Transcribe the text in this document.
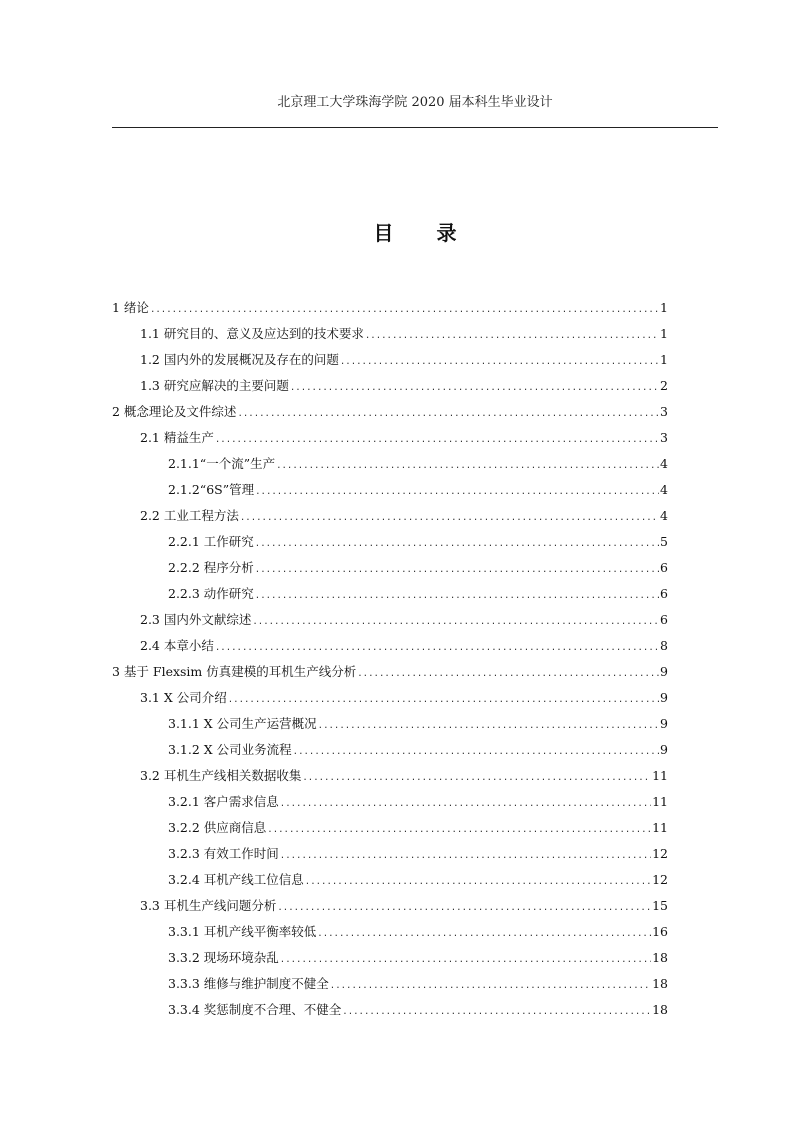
北京理工大学珠海学院 2020 届本科生毕业设计
目 录
1 绪论 .....	1
1.1 研究目的、意义及应达到的技术要求 .....	1
1.2 国内外的发展概况及存在的问题 .....	1
1.3 研究应解决的主要问题 .....	2
2 概念理论及文件综述 .....	3
2.1 精益生产 .....	3
2.1.1“一个流”生产 .....	4
2.1.2“6S”管理 .....	4
2.2 工业工程方法 .....	4
2.2.1 工作研究 .....	5
2.2.2 程序分析 .....	6
2.2.3 动作研究 .....	6
2.3 国内外文献综述 .....	6
2.4 本章小结 .....	8
3 基于 Flexsim 仿真建模的耳机生产线分析 .....	9
3.1 X 公司介绍 .....	9
3.1.1 X 公司生产运营概况 .....	9
3.1.2 X 公司业务流程 .....	9
3.2 耳机生产线相关数据收集 .....	11
3.2.1 客户需求信息 .....	11
3.2.2 供应商信息 .....	11
3.2.3 有效工作时间 .....	12
3.2.4 耳机产线工位信息 .....	12
3.3 耳机生产线问题分析 .....	15
3.3.1 耳机产线平衡率较低 .....	16
3.3.2 现场环境杂乱 .....	18
3.3.3 维修与维护制度不健全 .....	18
3.3.4 奖惩制度不合理、不健全 .....	18
